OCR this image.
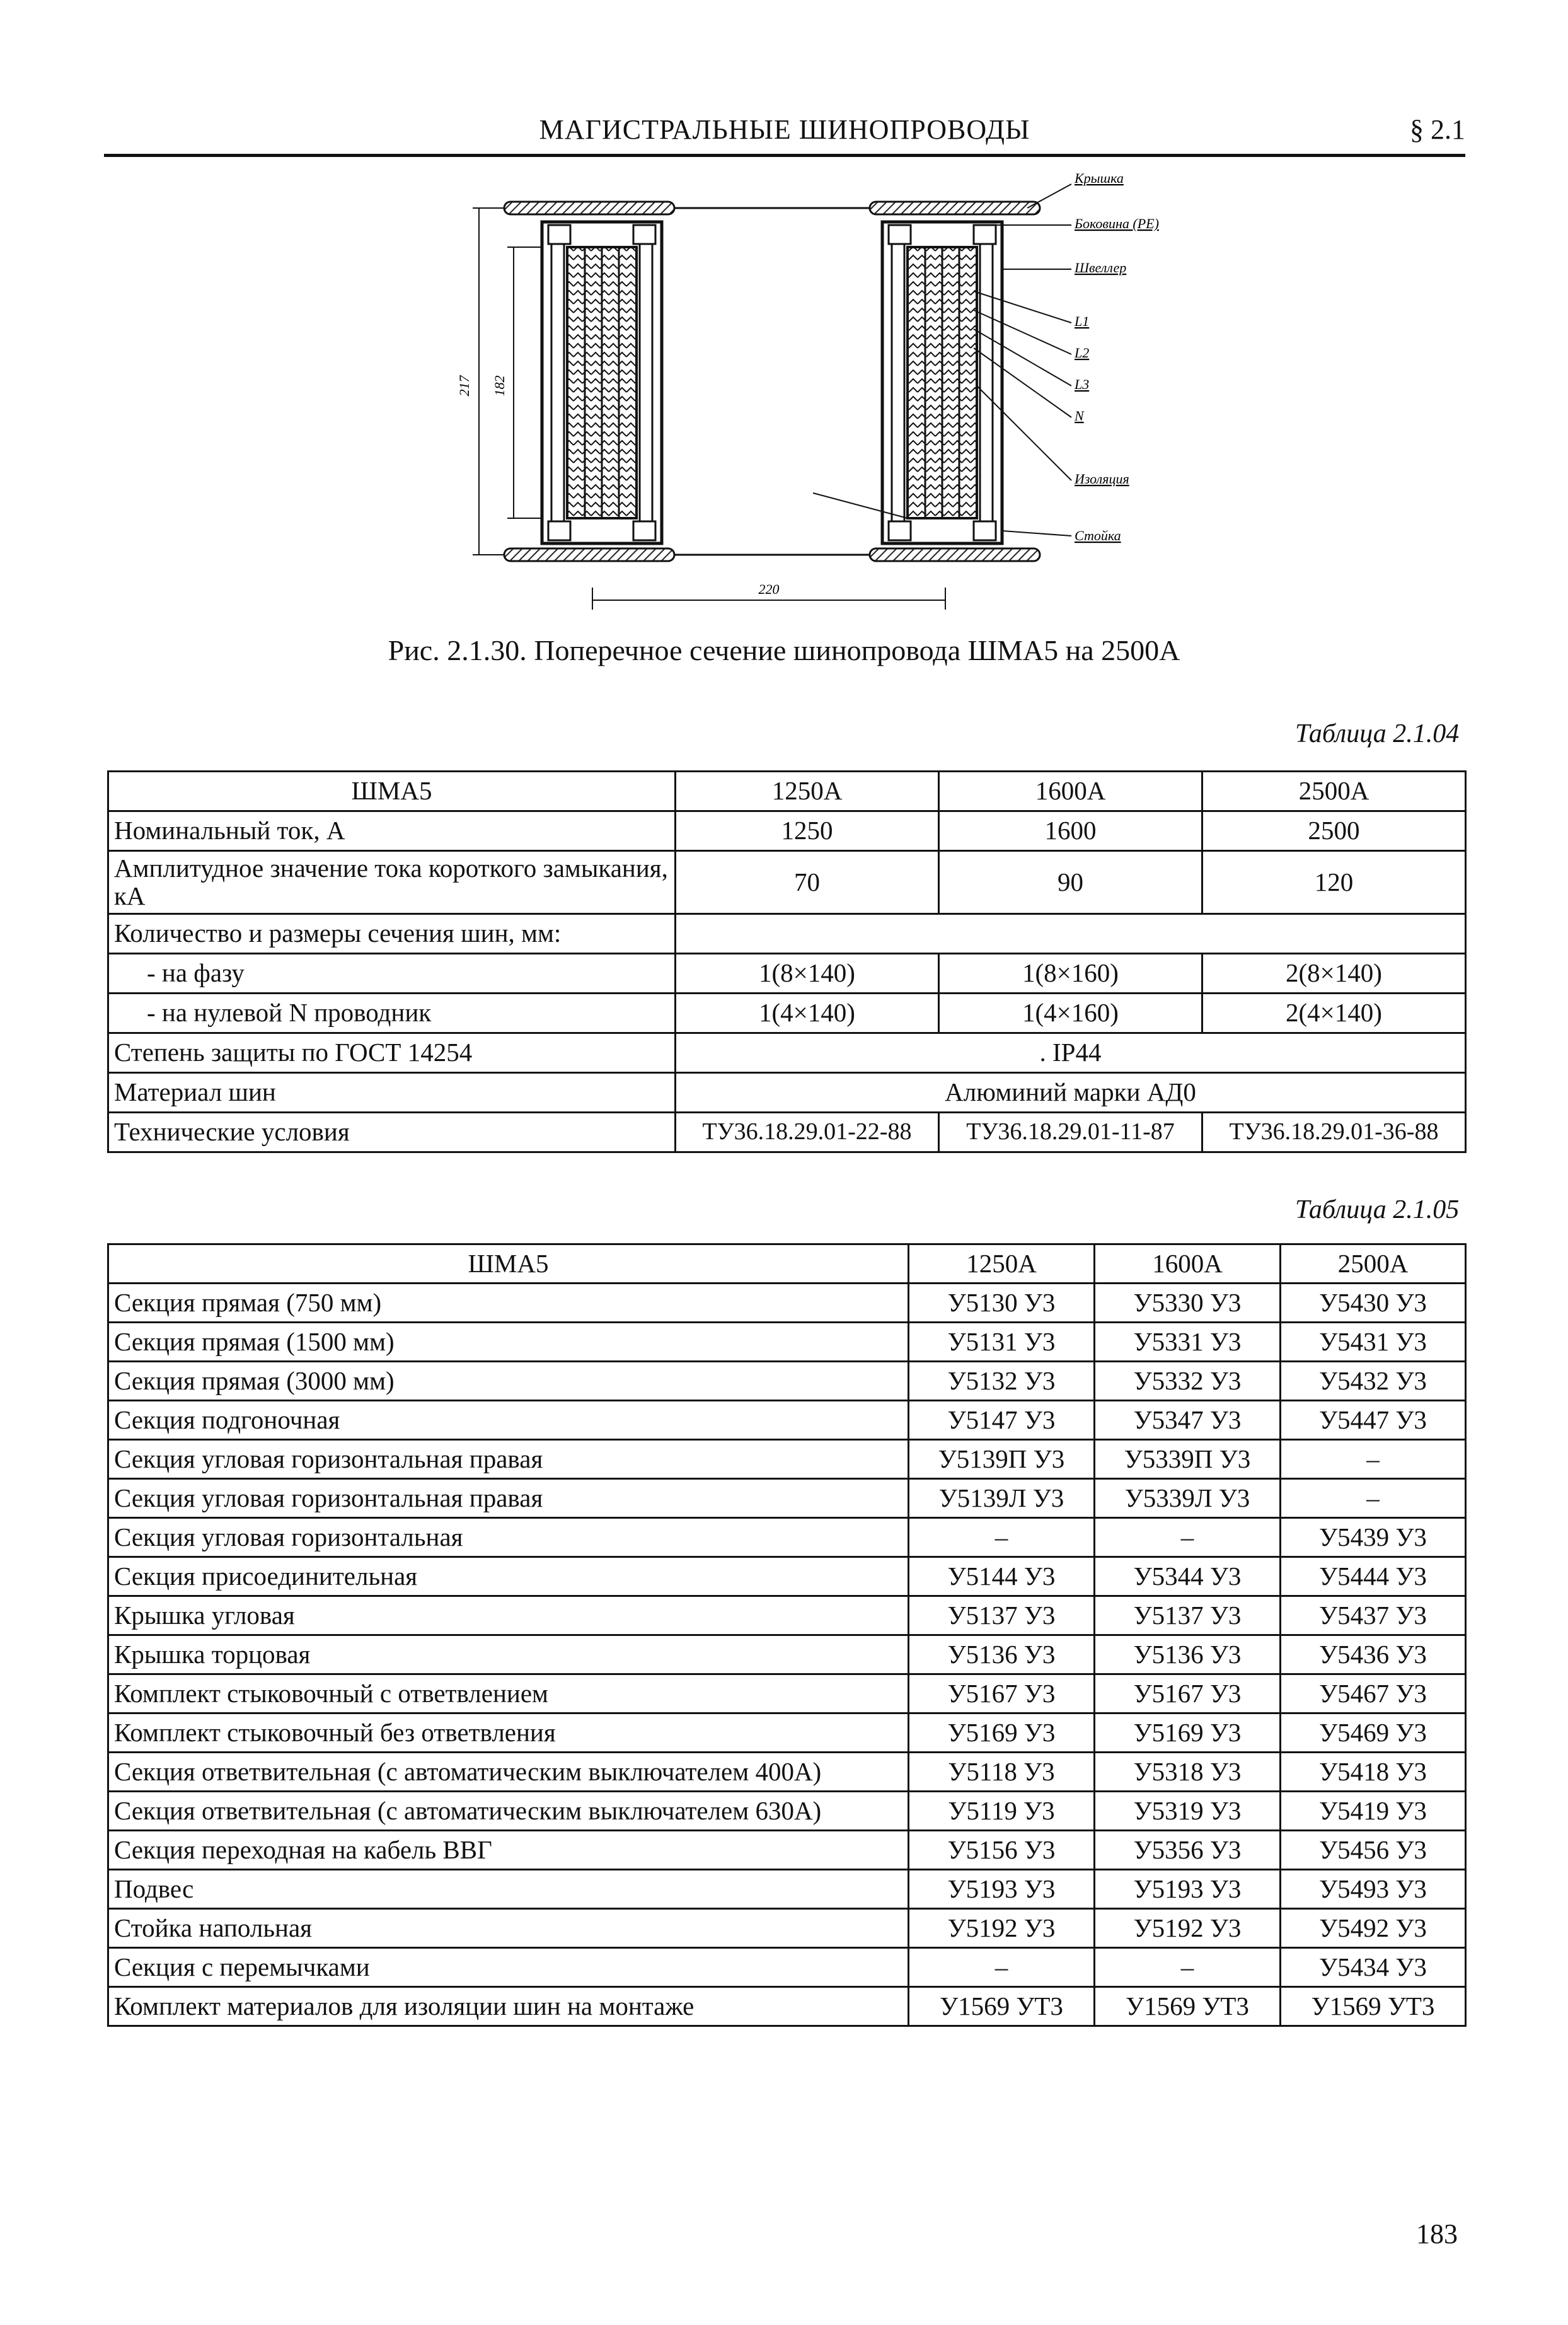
МАГИСТРАЛЬНЫЕ ШИНОПРОВОДЫ	§ 2.1
217 182
220
Крышка
Боковина (PE)
Швеллер
L1
L2
L3
N
Изоляция
Стойка
Рис. 2.1.30. Поперечное сечение шинопровода ШМА5 на 2500А
Таблица 2.1.04
ШМА5	1250А	1600А	2500А
Номинальный ток, А	1250	1600	2500
Амплитудное значение тока короткого замыкания, кА	70	90	120
Количество и размеры сечения шин, мм:			
- на фазу	1(8×140)	1(8×160)	2(8×140)
- на нулевой N проводник	1(4×140)	1(4×160)	2(4×140)
Степень защиты по ГОСТ 14254	. IP44		
Материал шин	Алюминий марки АД0		
Технические условия	ТУ36.18.29.01-22-88	ТУ36.18.29.01-11-87	ТУ36.18.29.01-36-88
Таблица 2.1.05
ШМА5	1250А	1600А	2500А
Секция прямая (750 мм)	У5130 У3	У5330 У3	У5430 У3
Секция прямая (1500 мм)	У5131 У3	У5331 У3	У5431 У3
Секция прямая (3000 мм)	У5132 У3	У5332 У3	У5432 У3
Секция подгоночная	У5147 У3	У5347 У3	У5447 У3
Секция угловая горизонтальная правая	У5139П У3	У5339П У3	–
Секция угловая горизонтальная правая	У5139Л У3	У5339Л У3	–
Секция угловая горизонтальная	–	–	У5439 У3
Секция присоединительная	У5144 У3	У5344 У3	У5444 У3
Крышка угловая	У5137 У3	У5137 У3	У5437 У3
Крышка торцовая	У5136 У3	У5136 У3	У5436 У3
Комплект стыковочный с ответвлением	У5167 У3	У5167 У3	У5467 У3
Комплект стыковочный без ответвления	У5169 У3	У5169 У3	У5469 У3
Секция ответвительная (с автоматическим выключателем 400А)	У5118 У3	У5318 У3	У5418 У3
Секция ответвительная (с автоматическим выключателем 630А)	У5119 У3	У5319 У3	У5419 У3
Секция переходная на кабель ВВГ	У5156 У3	У5356 У3	У5456 У3
Подвес	У5193 У3	У5193 У3	У5493 У3
Стойка напольная	У5192 У3	У5192 У3	У5492 У3
Секция с перемычками	–	–	У5434 У3
Комплект материалов для изоляции шин на монтаже	У1569 УТ3	У1569 УТ3	У1569 УТ3
183
